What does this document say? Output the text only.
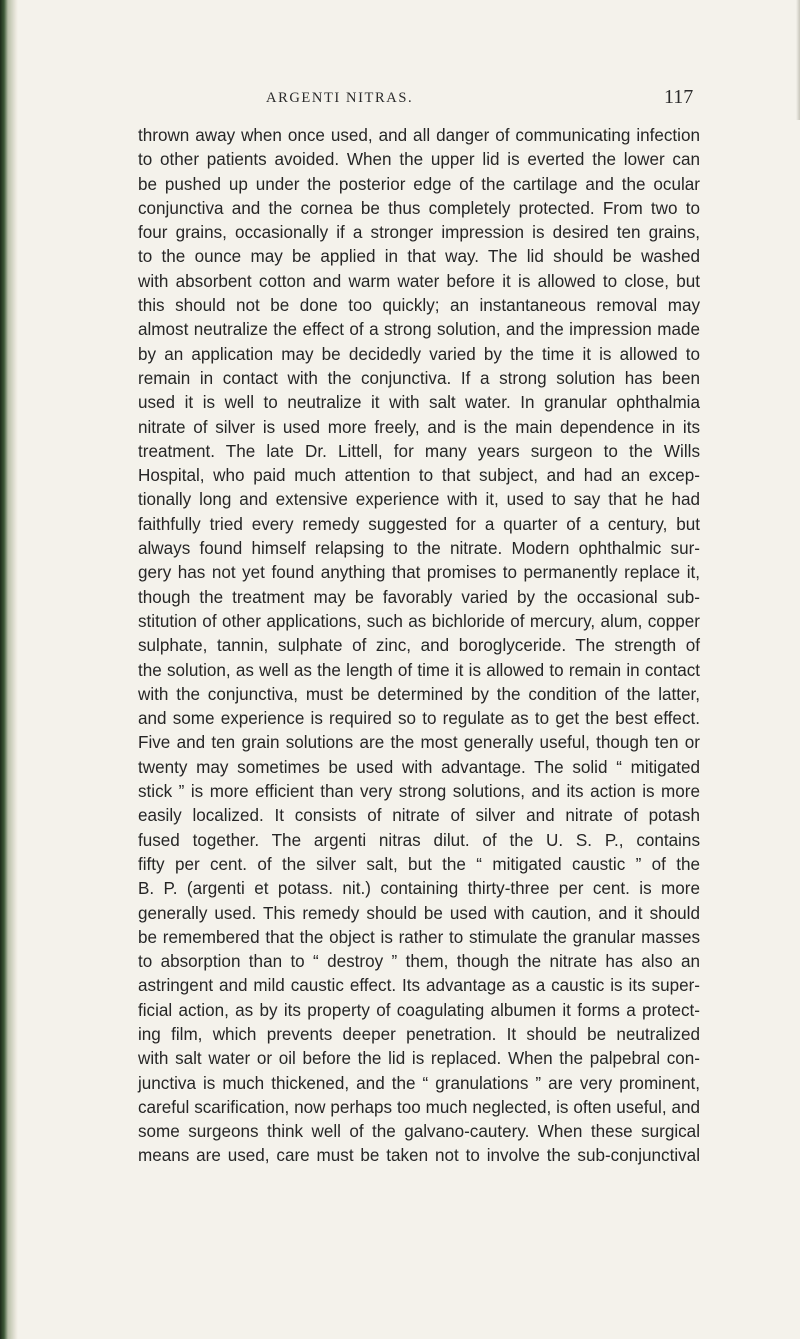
ARGENTI NITRAS.	117
thrown away when once used, and all danger of communicating infection
to other patients avoided. When the upper lid is everted the lower can
be pushed up under the posterior edge of the cartilage and the ocular
conjunctiva and the cornea be thus completely protected. From two to
four grains, occasionally if a stronger impression is desired ten grains,
to the ounce may be applied in that way. The lid should be washed
with absorbent cotton and warm water before it is allowed to close, but
this should not be done too quickly; an instantaneous removal may
almost neutralize the effect of a strong solution, and the impression made
by an application may be decidedly varied by the time it is allowed to
remain in contact with the conjunctiva. If a strong solution has been
used it is well to neutralize it with salt water. In granular ophthalmia
nitrate of silver is used more freely, and is the main dependence in its
treatment. The late Dr. Littell, for many years surgeon to the Wills
Hospital, who paid much attention to that subject, and had an excep-
tionally long and extensive experience with it, used to say that he had
faithfully tried every remedy suggested for a quarter of a century, but
always found himself relapsing to the nitrate. Modern ophthalmic sur-
gery has not yet found anything that promises to permanently replace it,
though the treatment may be favorably varied by the occasional sub-
stitution of other applications, such as bichloride of mercury, alum, copper
sulphate, tannin, sulphate of zinc, and boroglyceride. The strength of
the solution, as well as the length of time it is allowed to remain in contact
with the conjunctiva, must be determined by the condition of the latter,
and some experience is required so to regulate as to get the best effect.
Five and ten grain solutions are the most generally useful, though ten or
twenty may sometimes be used with advantage. The solid “ mitigated
stick ” is more efficient than very strong solutions, and its action is more
easily localized. It consists of nitrate of silver and nitrate of potash
fused together. The argenti nitras dilut. of the U. S. P., contains
fifty per cent. of the silver salt, but the “ mitigated caustic ” of the
B. P. (argenti et potass. nit.) containing thirty-three per cent. is more
generally used. This remedy should be used with caution, and it should
be remembered that the object is rather to stimulate the granular masses
to absorption than to “ destroy ” them, though the nitrate has also an
astringent and mild caustic effect. Its advantage as a caustic is its super-
ficial action, as by its property of coagulating albumen it forms a protect-
ing film, which prevents deeper penetration. It should be neutralized
with salt water or oil before the lid is replaced. When the palpebral con-
junctiva is much thickened, and the “ granulations ” are very prominent,
careful scarification, now perhaps too much neglected, is often useful, and
some surgeons think well of the galvano-cautery. When these surgical
means are used, care must be taken not to involve the sub-conjunctival
